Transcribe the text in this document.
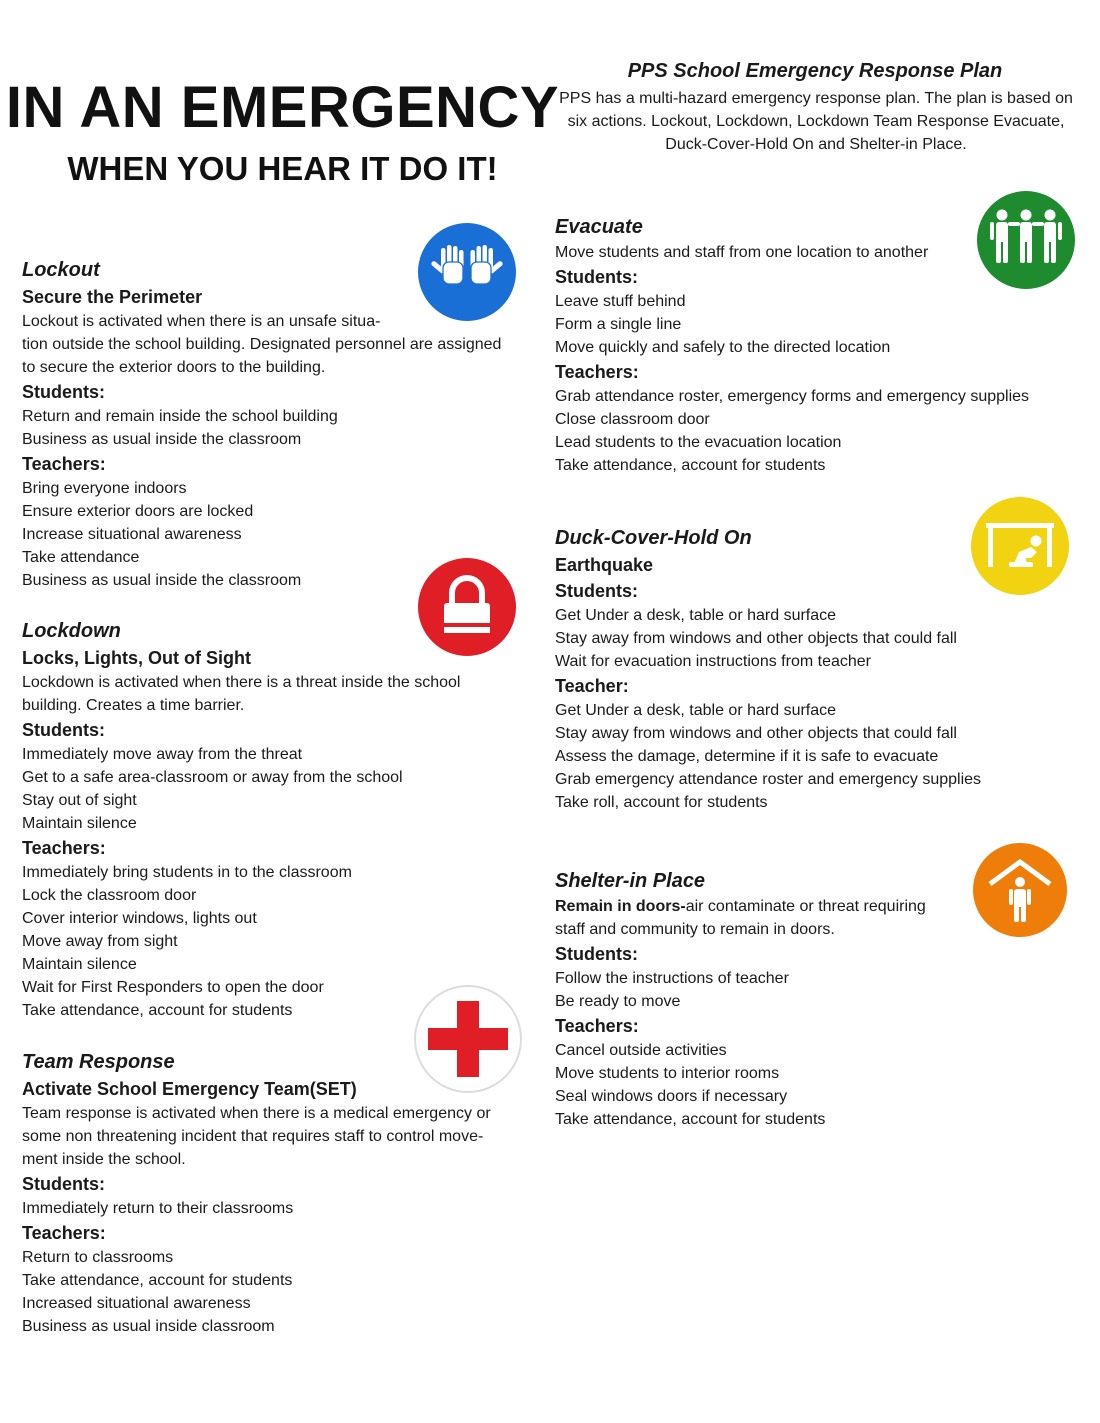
IN AN EMERGENCY
WHEN YOU HEAR IT DO IT!
PPS School Emergency Response Plan
PPS has a multi-hazard emergency response plan. The plan is based on six actions. Lockout, Lockdown, Lockdown Team Response Evacuate, Duck-Cover-Hold On and Shelter-in Place.
Lockout
Secure the Perimeter
Lockout is activated when there is an unsafe situa-
tion outside the school building. Designated personnel are assigned
to secure the exterior doors to the building.
Students:
Return and remain inside the school building
Business as usual inside the classroom
Teachers:
Bring everyone indoors
Ensure exterior doors are locked
Increase situational awareness
Take attendance
Business as usual inside the classroom
Lockdown
Locks, Lights, Out of Sight
Lockdown is activated when there is a threat inside the school
building. Creates a time barrier.
Students:
Immediately move away from the threat
Get to a safe area-classroom or away from the school
Stay out of sight
Maintain silence
Teachers:
Immediately bring students in to the classroom
Lock the classroom door
Cover interior windows, lights out
Move away from sight
Maintain silence
Wait for First Responders to open the door
Take attendance, account for students
Team Response
Activate School Emergency Team(SET)
Team response is activated when there is a medical emergency or
some non threatening incident that requires staff to control move-
ment inside the school.
Students:
Immediately return to their classrooms
Teachers:
Return to classrooms
Take attendance, account for students
Increased situational awareness
Business as usual inside classroom
Evacuate
Move students and staff from one location to another
Students:
Leave stuff behind
Form a single line
Move quickly and safely to the directed location
Teachers:
Grab attendance roster, emergency forms and emergency supplies
Close classroom door
Lead students to the evacuation location
Take attendance, account for students
Duck-Cover-Hold On
Earthquake
Students:
Get Under a desk, table or hard surface
Stay away from windows and other objects that could fall
Wait for evacuation instructions from teacher
Teacher:
Get Under a desk, table or hard surface
Stay away from windows and other objects that could fall
Assess the damage, determine if it is safe to evacuate
Grab emergency attendance roster and emergency supplies
Take roll, account for students
Shelter-in Place
Remain in doors-air contaminate or threat requiring
staff and community to remain in doors.
Students:
Follow the instructions of teacher
Be ready to move
Teachers:
Cancel outside activities
Move students to interior rooms
Seal windows doors if necessary
Take attendance, account for students
